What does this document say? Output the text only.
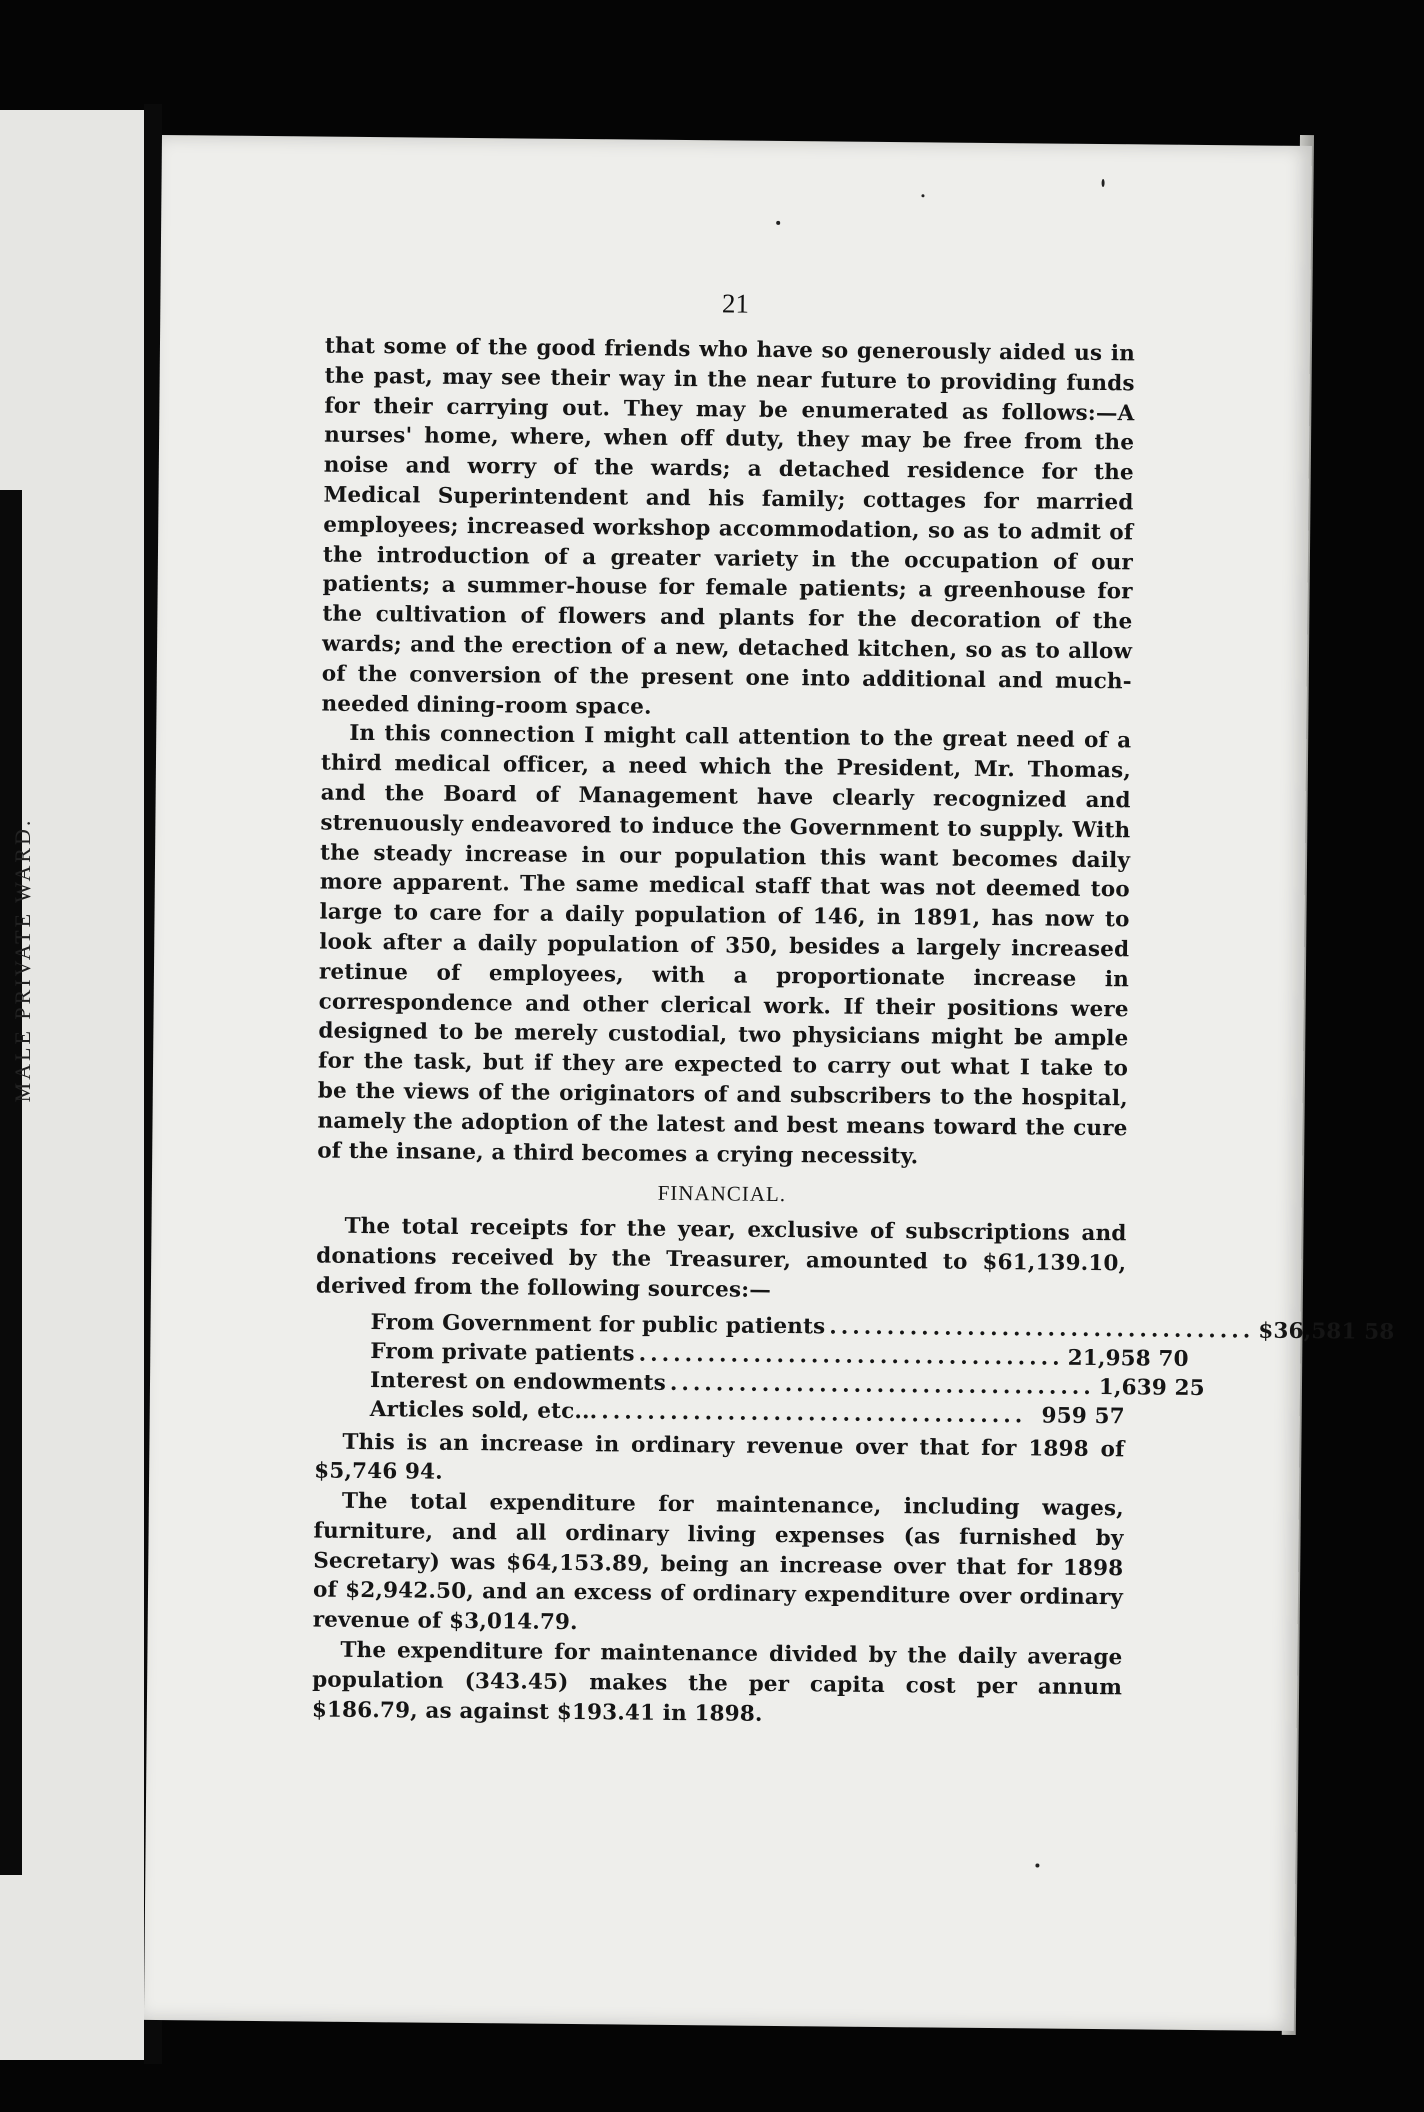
MALE PRIVATE WARD.
21

that some of the good friends who have so generously aided us in the past, may see their way in the near future to providing funds for their carrying out. They may be enumerated as follows:—A nurses' home, where, when off duty, they may be free from the noise and worry of the wards; a detached residence for the Medical Superintendent and his family; cottages for married employees; increased workshop accommodation, so as to admit of the introduction of a greater variety in the occupation of our patients; a summer-house for female patients; a greenhouse for the cultivation of flowers and plants for the decoration of the wards; and the erection of a new, detached kitchen, so as to allow of the conversion of the present one into additional and much-needed dining-room space.

In this connection I might call attention to the great need of a third medical officer, a need which the President, Mr. Thomas, and the Board of Management have clearly recognized and strenuously endeavored to induce the Government to supply. With the steady increase in our population this want becomes daily more apparent. The same medical staff that was not deemed too large to care for a daily population of 146, in 1891, has now to look after a daily population of 350, besides a largely increased retinue of employees, with a proportionate increase in correspondence and other clerical work. If their positions were designed to be merely custodial, two physicians might be ample for the task, but if they are expected to carry out what I take to be the views of the originators of and subscribers to the hospital, namely the adoption of the latest and best means toward the cure of the insane, a third becomes a crying necessity.

FINANCIAL.

The total receipts for the year, exclusive of subscriptions and donations received by the Treasurer, amounted to $61,139.10, derived from the following sources:—

From Government for public patients ..................................... $36,581 58
From private patients ..................................... 21,958 70
Interest on endowments ..................................... 1,639 25
Articles sold, etc... ..................................... 959 57

This is an increase in ordinary revenue over that for 1898 of $5,746 94.

The total expenditure for maintenance, including wages, furniture, and all ordinary living expenses (as furnished by Secretary) was $64,153.89, being an increase over that for 1898 of $2,942.50, and an excess of ordinary expenditure over ordinary revenue of $3,014.79.

The expenditure for maintenance divided by the daily average population (343.45) makes the per capita cost per annum $186.79, as against $193.41 in 1898.
